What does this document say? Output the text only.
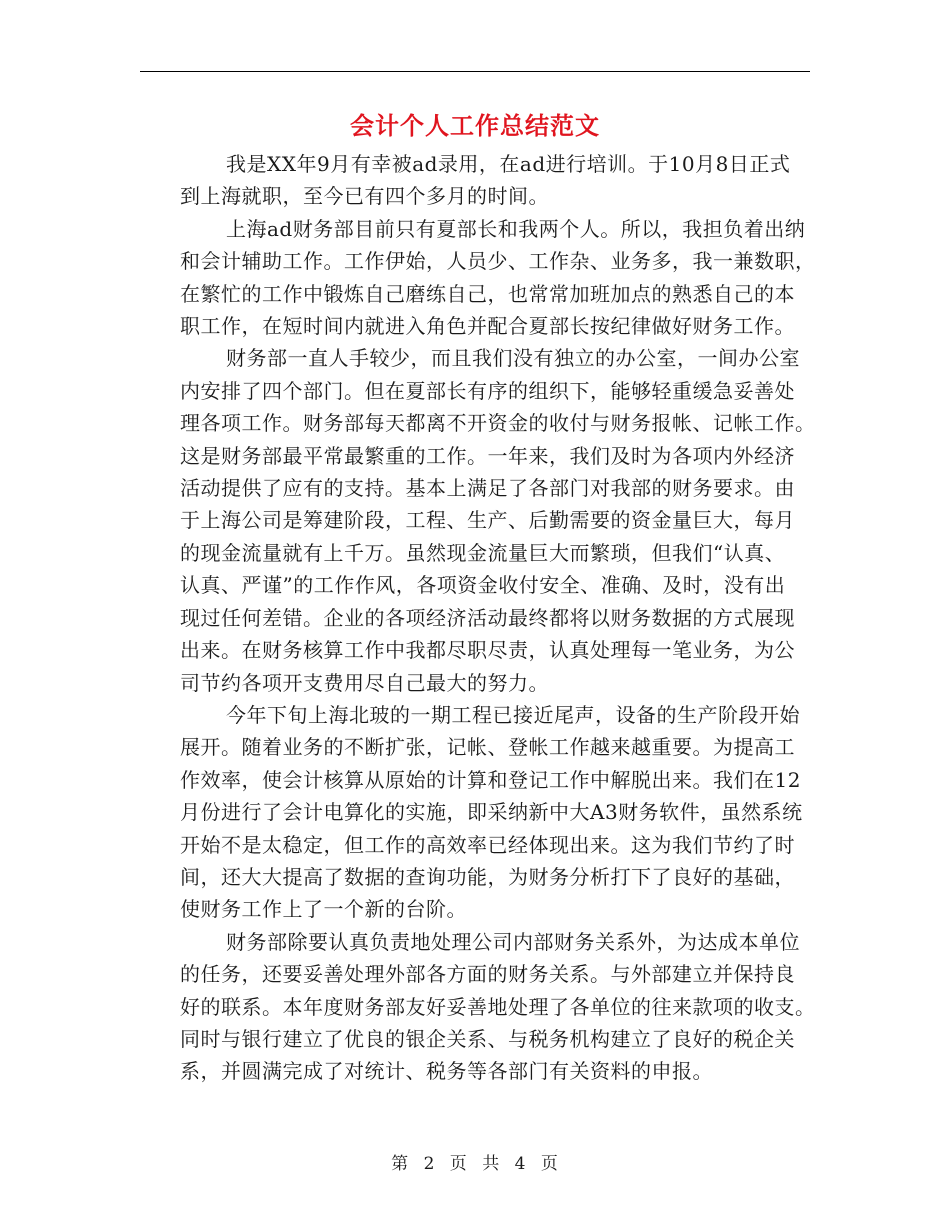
会计个人工作总结范文
我是XX年9月有幸被ad录用，在ad进行培训。于10月8日正式
到上海就职，至今已有四个多月的时间。
上海ad财务部目前只有夏部长和我两个人。所以，我担负着出纳
和会计辅助工作。工作伊始，人员少、工作杂、业务多，我一兼数职，
在繁忙的工作中锻炼自己磨练自己，也常常加班加点的熟悉自己的本
职工作，在短时间内就进入角色并配合夏部长按纪律做好财务工作。
财务部一直人手较少，而且我们没有独立的办公室，一间办公室
内安排了四个部门。但在夏部长有序的组织下，能够轻重缓急妥善处
理各项工作。财务部每天都离不开资金的收付与财务报帐、记帐工作。
这是财务部最平常最繁重的工作。一年来，我们及时为各项内外经济
活动提供了应有的支持。基本上满足了各部门对我部的财务要求。由
于上海公司是筹建阶段，工程、生产、后勤需要的资金量巨大，每月
的现金流量就有上千万。虽然现金流量巨大而繁琐，但我们“认真、
认真、严谨”的工作作风，各项资金收付安全、准确、及时，没有出
现过任何差错。企业的各项经济活动最终都将以财务数据的方式展现
出来。在财务核算工作中我都尽职尽责，认真处理每一笔业务，为公
司节约各项开支费用尽自己最大的努力。
今年下旬上海北玻的一期工程已接近尾声，设备的生产阶段开始
展开。随着业务的不断扩张，记帐、登帐工作越来越重要。为提高工
作效率，使会计核算从原始的计算和登记工作中解脱出来。我们在12
月份进行了会计电算化的实施，即采纳新中大A3财务软件，虽然系统
开始不是太稳定，但工作的高效率已经体现出来。这为我们节约了时
间，还大大提高了数据的查询功能，为财务分析打下了良好的基础，
使财务工作上了一个新的台阶。
财务部除要认真负责地处理公司内部财务关系外，为达成本单位
的任务，还要妥善处理外部各方面的财务关系。与外部建立并保持良
好的联系。本年度财务部友好妥善地处理了各单位的往来款项的收支。
同时与银行建立了优良的银企关系、与税务机构建立了良好的税企关
系，并圆满完成了对统计、税务等各部门有关资料的申报。
第 2 页 共 4 页
